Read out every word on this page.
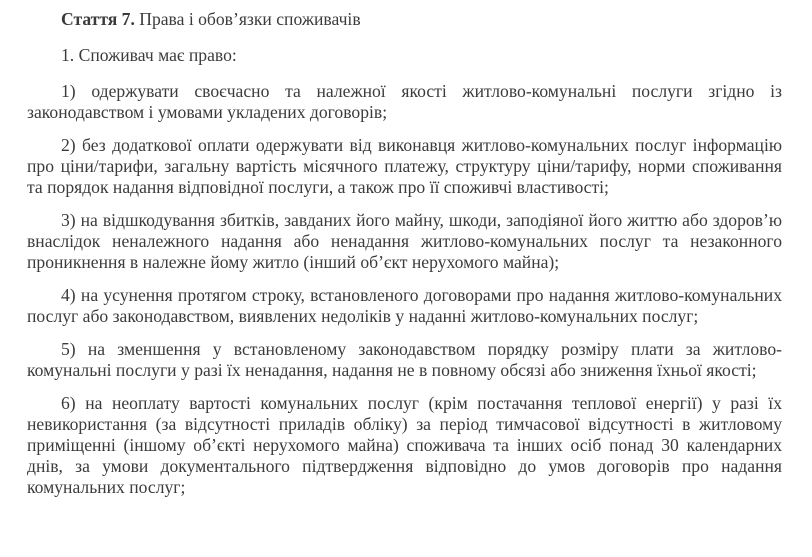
Стаття 7. Права і обов’язки споживачів

1. Споживач має право:

1) одержувати своєчасно та належної якості житлово-комунальні послуги згідно із законодавством і умовами укладених договорів;

2) без додаткової оплати одержувати від виконавця житлово-комунальних послуг інформацію про ціни/тарифи, загальну вартість місячного платежу, структуру ціни/тарифу, норми споживання та порядок надання відповідної послуги, а також про її споживчі властивості;

3) на відшкодування збитків, завданих його майну, шкоди, заподіяної його життю або здоров’ю внаслідок неналежного надання або ненадання житлово-комунальних послуг та незаконного проникнення в належне йому житло (інший об’єкт нерухомого майна);

4) на усунення протягом строку, встановленого договорами про надання житлово-комунальних послуг або законодавством, виявлених недоліків у наданні житлово-комунальних послуг;

5) на зменшення у встановленому законодавством порядку розміру плати за житлово-комунальні послуги у разі їх ненадання, надання не в повному обсязі або зниження їхньої якості;

6) на неоплату вартості комунальних послуг (крім постачання теплової енергії) у разі їх невикористання (за відсутності приладів обліку) за період тимчасової відсутності в житловому приміщенні (іншому об’єкті нерухомого майна) споживача та інших осіб понад 30 календарних днів, за умови документального підтвердження відповідно до умов договорів про надання комунальних послуг;
